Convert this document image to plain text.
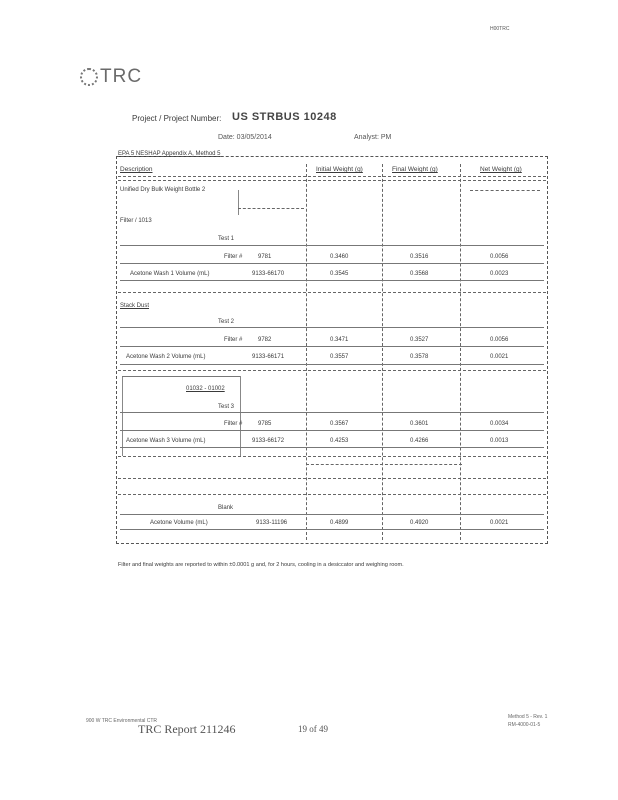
H00TRC
TRC
Project / Project Number: US STRBUS 10248
Date: 03/05/2014	Analyst: PM
EPA 5 NESHAP Appendix A, Method 5
Description	Initial Weight (g)	Final Weight (g)	Net Weight (g)
Unified Dry Bulk Weight Bottle 2
Filter / 1013
Test 1
Filter #	9781	0.3460	0.3516	0.0056
Acetone Wash 1 Volume (mL)	9133-66170	0.3545	0.3568	0.0023
Stack Dust
Test 2
Filter #	9782	0.3471	0.3527	0.0056
Acetone Wash 2 Volume (mL)	9133-66171	0.3557	0.3578	0.0021
01032 - 01002
Test 3
Filter #	9785	0.3567	0.3601	0.0034
Acetone Wash 3 Volume (mL)	9133-66172	0.4253	0.4266	0.0013
Blank
Acetone Volume (mL)	9133-11196	0.4899	0.4920	0.0021
Filter and final weights are reported to within ±0.0001 g and, for 2 hours, cooling in a desiccator and weighing room.
900 W TRC Environmental CTR
TRC Report 211246	19 of 49
Method 5 - Rev. 1
RM-4000-01-5
